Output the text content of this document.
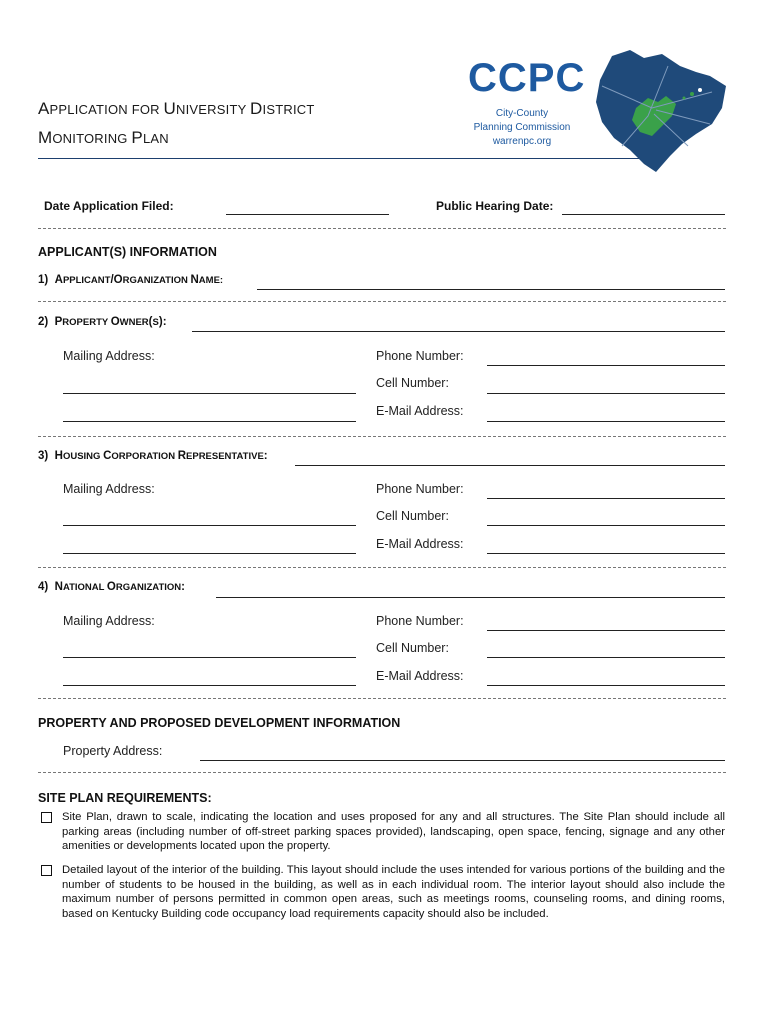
APPLICATION FOR UNIVERSITY DISTRICT
MONITORING PLAN
CCPC
City-County
Planning Commission
warrenpc.org
Date Application Filed:	Public Hearing Date:
APPLICANT(S) INFORMATION
1) APPLICANT/ORGANIZATION NAME:
2) PROPERTY OWNER(S):
Mailing Address:	Phone Number:
Cell Number:
E-Mail Address:
3) HOUSING CORPORATION REPRESENTATIVE:
Mailing Address:	Phone Number:
Cell Number:
E-Mail Address:
4) NATIONAL ORGANIZATION:
Mailing Address:	Phone Number:
Cell Number:
E-Mail Address:
PROPERTY AND PROPOSED DEVELOPMENT INFORMATION
Property Address:
SITE PLAN REQUIREMENTS:
Site Plan, drawn to scale, indicating the location and uses proposed for any and all structures. The Site Plan should include all parking areas (including number of off-street parking spaces provided), landscaping, open space, fencing, signage and any other amenities or developments located upon the property.
Detailed layout of the interior of the building. This layout should include the uses intended for various portions of the building and the number of students to be housed in the building, as well as in each individual room. The interior layout should also include the maximum number of persons permitted in common open areas, such as meetings rooms, counseling rooms, and dining rooms, based on Kentucky Building code occupancy load requirements capacity should also be included.
